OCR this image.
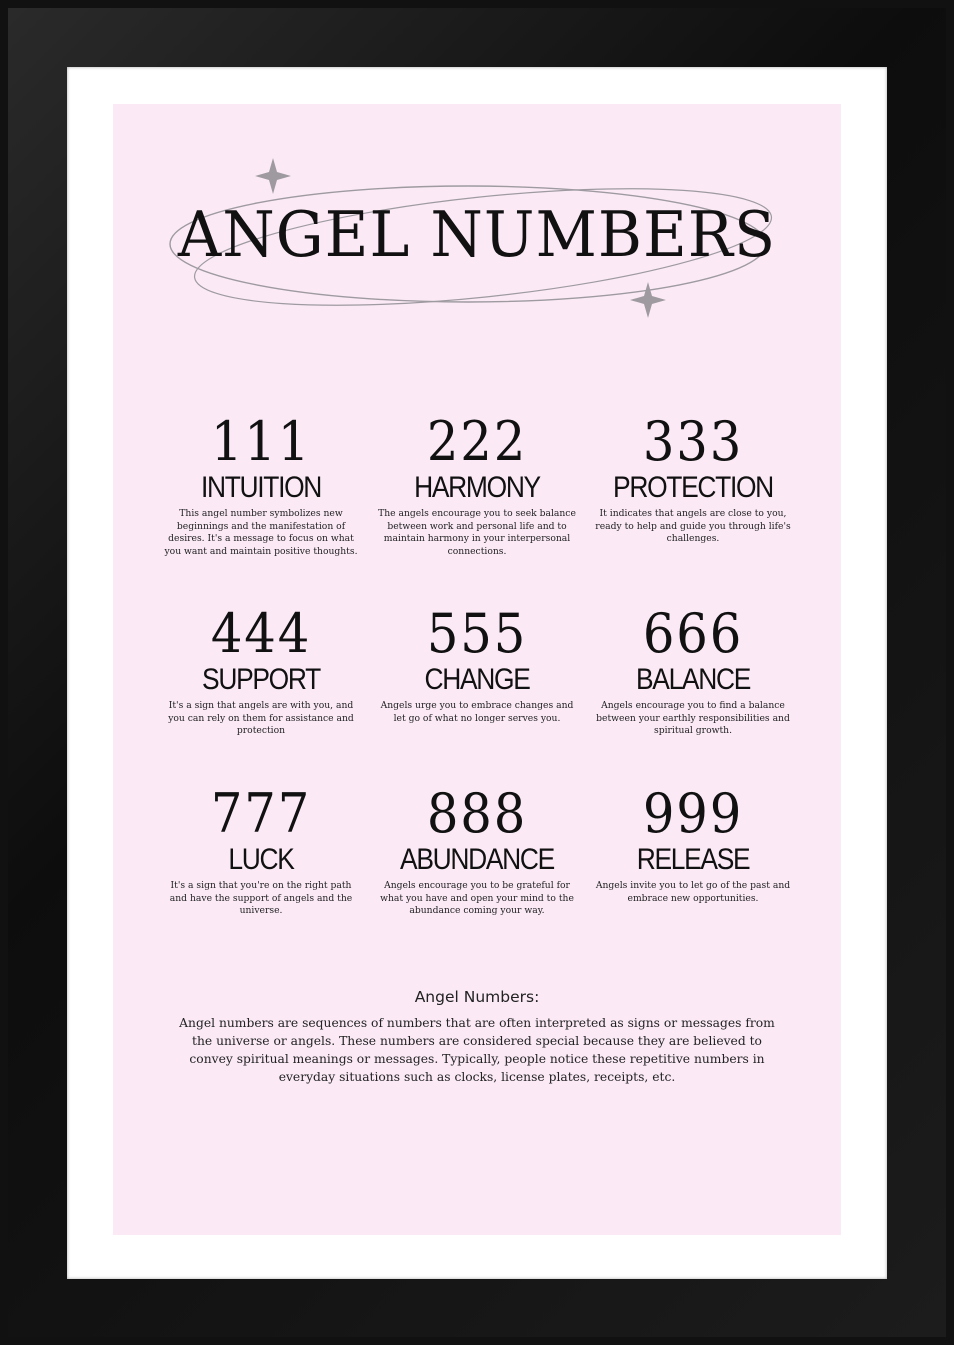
ANGEL NUMBERS
111
INTUITION
This angel number symbolizes new beginnings and the manifestation of desires. It's a message to focus on what you want and maintain positive thoughts.
222
HARMONY
The angels encourage you to seek balance between work and personal life and to maintain harmony in your interpersonal connections.
333
PROTECTION
It indicates that angels are close to you, ready to help and guide you through life's challenges.
444
SUPPORT
It's a sign that angels are with you, and you can rely on them for assistance and protection
555
CHANGE
Angels urge you to embrace changes and let go of what no longer serves you.
666
BALANCE
Angels encourage you to find a balance between your earthly responsibilities and spiritual growth.
777
LUCK
It's a sign that you're on the right path and have the support of angels and the universe.
888
ABUNDANCE
Angels encourage you to be grateful for what you have and open your mind to the abundance coming your way.
999
RELEASE
Angels invite you to let go of the past and embrace new opportunities.
Angel Numbers:
Angel numbers are sequences of numbers that are often interpreted as signs or messages from the universe or angels. These numbers are considered special because they are believed to convey spiritual meanings or messages. Typically, people notice these repetitive numbers in everyday situations such as clocks, license plates, receipts, etc.
